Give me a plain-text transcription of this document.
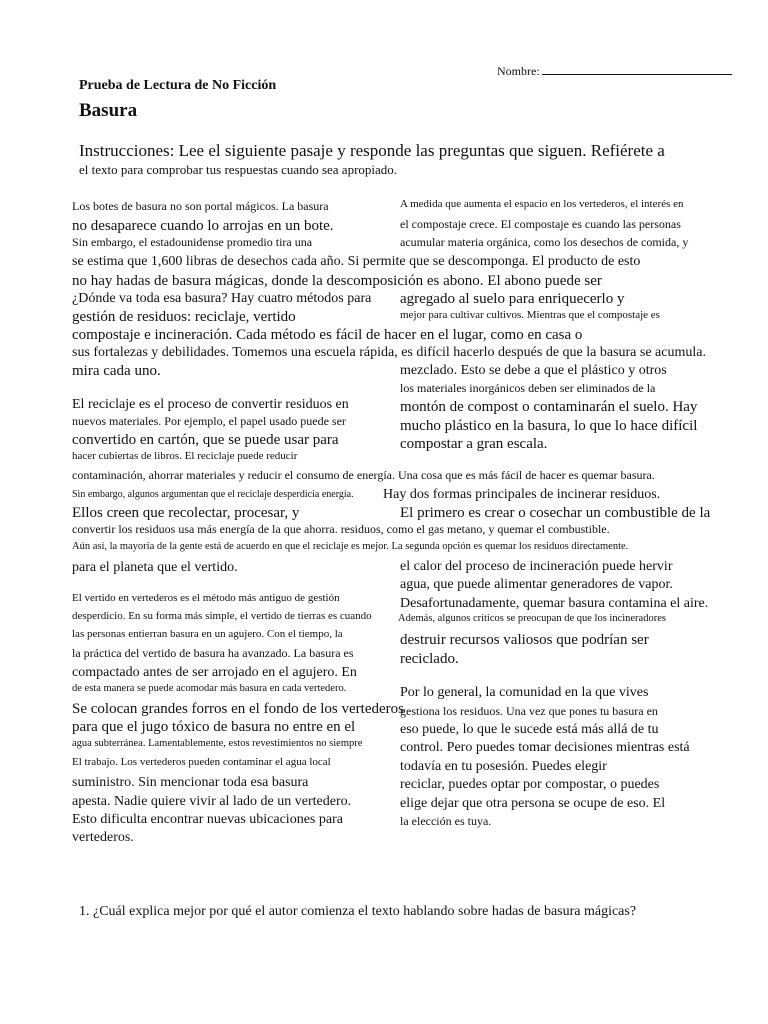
Nombre:
Prueba de Lectura de No Ficción
Basura
Instrucciones: Lee el siguiente pasaje y responde las preguntas que siguen. Refiérete a
el texto para comprobar tus respuestas cuando sea apropiado.
Los botes de basura no son portal mágicos. La basura	A medida que aumenta el espacio en los vertederos, el interés en
el compostaje crece. El compostaje es cuando las personas
no desaparece cuando lo arrojas en un bote.
Sin embargo, el estadounidense promedio tira una	acumular materia orgánica, como los desechos de comida, y
se estima que 1,600 libras de desechos cada año. Si permite que se descomponga. El producto de esto
no hay hadas de basura mágicas, donde la descomposición es abono. El abono puede ser
¿Dónde va toda esa basura? Hay cuatro métodos para agregado al suelo para enriquecerlo y
gestión de residuos: reciclaje, vertido	mejor para cultivar cultivos. Mientras que el compostaje es
compostaje e incineración. Cada método es fácil de hacer en el lugar, como en casa o
sus fortalezas y debilidades. Tomemos una escuela rápida, es difícil hacerlo después de que la basura se acumula.
mira cada uno.	mezclado. Esto se debe a que el plástico y otros
los materiales inorgánicos deben ser eliminados de la
El reciclaje es el proceso de convertir residuos en	montón de compost o contaminarán el suelo. Hay
nuevos materiales. Por ejemplo, el papel usado puede ser	mucho plástico en la basura, lo que lo hace difícil
convertido en cartón, que se puede usar para	compostar a gran escala.
hacer cubiertas de libros. El reciclaje puede reducir
contaminación, ahorrar materiales y reducir el consumo de energía. Una cosa que es más fácil de hacer es quemar basura.
Sin embargo, algunos argumentan que el reciclaje desperdicia energía. Hay dos formas principales de incinerar residuos.
Ellos creen que recolectar, procesar, y	El primero es crear o cosechar un combustible de la
convertir los residuos usa más energía de la que ahorra. residuos, como el gas metano, y quemar el combustible.
Aún así, la mayoría de la gente está de acuerdo en que el reciclaje es mejor. La segunda opción es quemar los residuos directamente.
el calor del proceso de incineración puede hervir
para el planeta que el vertido.
agua, que puede alimentar generadores de vapor.
El vertido en vertederos es el método más antiguo de gestión	Desafortunadamente, quemar basura contamina el aire.
desperdicio. En su forma más simple, el vertido de tierras es cuando	Además, algunos críticos se preocupan de que los incineradores
las personas entierran basura en un agujero. Con el tiempo, la	destruir recursos valiosos que podrían ser
la práctica del vertido de basura ha avanzado. La basura es	reciclado.
compactado antes de ser arrojado en el agujero. En
de esta manera se puede acomodar más basura en cada vertedero.	Por lo general, la comunidad en la que vives
Se colocan grandes forros en el fondo de los vertederos
gestiona los residuos. Una vez que pones tu basura en
para que el jugo tóxico de basura no entre en el	eso puede, lo que le sucede está más allá de tu
agua subterránea. Lamentablemente, estos revestimientos no siempre	control. Pero puedes tomar decisiones mientras está
El trabajo. Los vertederos pueden contaminar el agua local	todavía en tu posesión. Puedes elegir
suministro. Sin mencionar toda esa basura	reciclar, puedes optar por compostar, o puedes
apesta. Nadie quiere vivir al lado de un vertedero.	elige dejar que otra persona se ocupe de eso. El
Esto dificulta encontrar nuevas ubicaciones para	la elección es tuya.
vertederos.
1. ¿Cuál explica mejor por qué el autor comienza el texto hablando sobre hadas de basura mágicas?
